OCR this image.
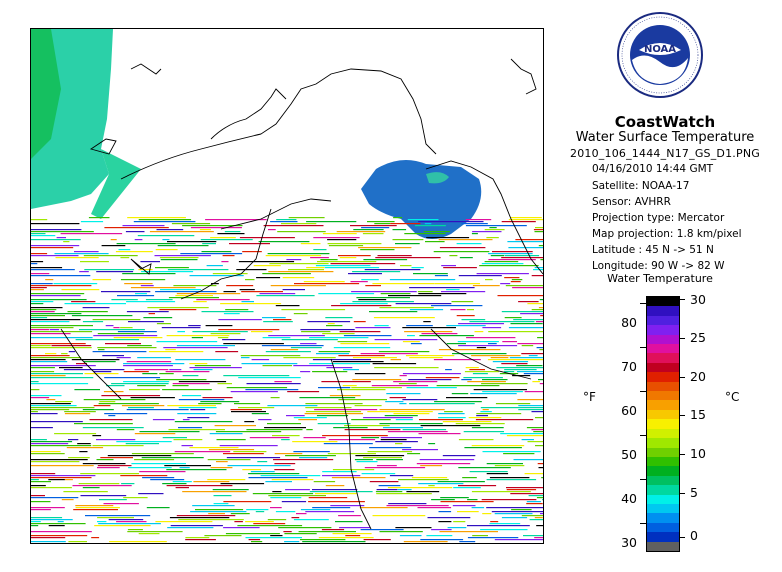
NOAA
CoastWatch
Water Surface Temperature
2010_106_1444_N17_GS_D1.PNG
04/16/2010 14:44 GMT
Satellite: NOAA-17
Sensor: AVHRR
Projection type: Mercator
Map projection: 1.8 km/pixel
Latitude : 45 N -> 51 N
Longitude: 90 W -> 82 W
Water Temperature
°F	°C
80
70
60
50
40
30
30
25
20
15
10
5
0
